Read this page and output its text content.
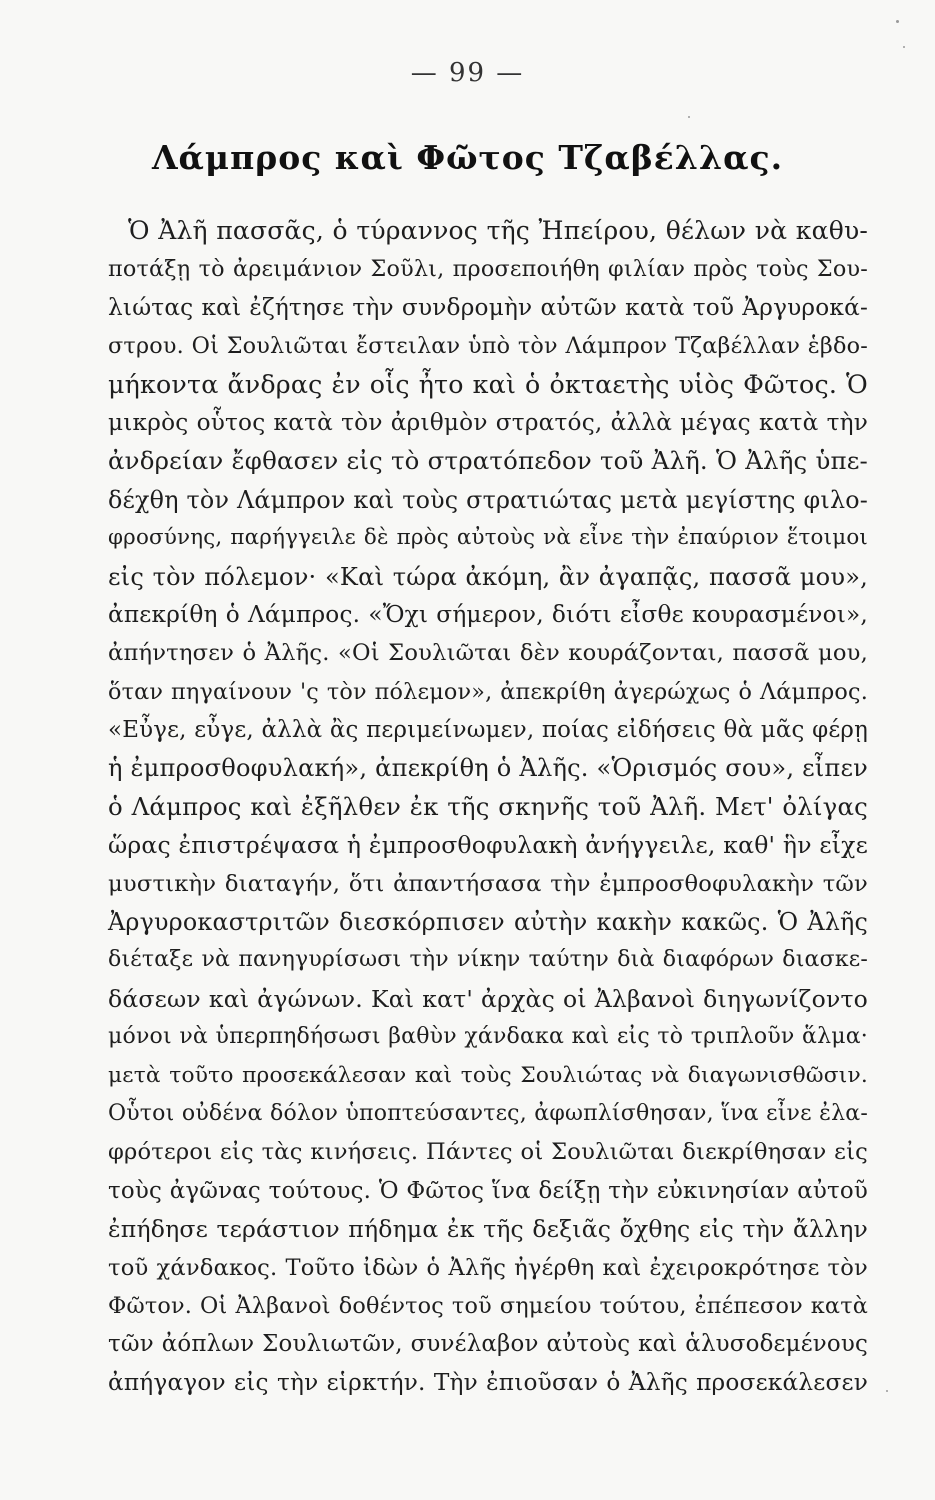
— 99 —
Λάμπρος καὶ Φῶτος Τζαβέλλας.
Ὁ Ἀλῆ πασσᾶς, ὁ τύραννος τῆς Ἠπείρου, θέλων νὰ καθυ-
ποτάξῃ τὸ ἀρειμάνιον Σοῦλι, προσεποιήθη φιλίαν πρὸς τοὺς Σου-
λιώτας καὶ ἐζήτησε τὴν συνδρομὴν αὐτῶν κατὰ τοῦ Ἀργυροκά-
στρου. Οἱ Σουλιῶται ἔστειλαν ὑπὸ τὸν Λάμπρον Τζαβέλλαν ἑβδο-
μήκοντα ἄνδρας ἐν οἷς ἦτο καὶ ὁ ὀκταετὴς υἱὸς Φῶτος. Ὁ
μικρὸς οὗτος κατὰ τὸν ἀριθμὸν στρατός, ἀλλὰ μέγας κατὰ τὴν
ἀνδρείαν ἔφθασεν εἰς τὸ στρατόπεδον τοῦ Ἀλῆ. Ὁ Ἀλῆς ὑπε-
δέχθη τὸν Λάμπρον καὶ τοὺς στρατιώτας μετὰ μεγίστης φιλο-
φροσύνης, παρήγγειλε δὲ πρὸς αὐτοὺς νὰ εἶνε τὴν ἐπαύριον ἕτοιμοι
εἰς τὸν πόλεμον· «Καὶ τώρα ἀκόμη, ἂν ἀγαπᾷς, πασσᾶ μου»,
ἀπεκρίθη ὁ Λάμπρος. «Ὄχι σήμερον, διότι εἶσθε κουρασμένοι»,
ἀπήντησεν ὁ Ἀλῆς. «Οἱ Σουλιῶται δὲν κουράζονται, πασσᾶ μου,
ὅταν πηγαίνουν 'ς τὸν πόλεμον», ἀπεκρίθη ἀγερώχως ὁ Λάμπρος.
«Εὖγε, εὖγε, ἀλλὰ ἂς περιμείνωμεν, ποίας εἰδήσεις θὰ μᾶς φέρῃ
ἡ ἐμπροσθοφυλακή», ἀπεκρίθη ὁ Ἀλῆς. «Ὁρισμός σου», εἶπεν
ὁ Λάμπρος καὶ ἐξῆλθεν ἐκ τῆς σκηνῆς τοῦ Ἀλῆ. Μετ' ὀλίγας
ὥρας ἐπιστρέψασα ἡ ἐμπροσθοφυλακὴ ἀνήγγειλε, καθ' ἣν εἶχε
μυστικὴν διαταγήν, ὅτι ἀπαντήσασα τὴν ἐμπροσθοφυλακὴν τῶν
Ἀργυροκαστριτῶν διεσκόρπισεν αὐτὴν κακὴν κακῶς. Ὁ Ἀλῆς
διέταξε νὰ πανηγυρίσωσι τὴν νίκην ταύτην διὰ διαφόρων διασκε-
δάσεων καὶ ἀγώνων. Καὶ κατ' ἀρχὰς οἱ Ἀλβανοὶ διηγωνίζοντο
μόνοι νὰ ὑπερπηδήσωσι βαθὺν χάνδακα καὶ εἰς τὸ τριπλοῦν ἅλμα·
μετὰ τοῦτο προσεκάλεσαν καὶ τοὺς Σουλιώτας νὰ διαγωνισθῶσιν.
Οὗτοι οὐδένα δόλον ὑποπτεύσαντες, ἀφωπλίσθησαν, ἵνα εἶνε ἐλα-
φρότεροι εἰς τὰς κινήσεις. Πάντες οἱ Σουλιῶται διεκρίθησαν εἰς
τοὺς ἀγῶνας τούτους. Ὁ Φῶτος ἵνα δείξῃ τὴν εὐκινησίαν αὐτοῦ
ἐπήδησε τεράστιον πήδημα ἐκ τῆς δεξιᾶς ὄχθης εἰς τὴν ἄλλην
τοῦ χάνδακος. Τοῦτο ἰδὼν ὁ Ἀλῆς ἠγέρθη καὶ ἐχειροκρότησε τὸν
Φῶτον. Οἱ Ἀλβανοὶ δοθέντος τοῦ σημείου τούτου, ἐπέπεσον κατὰ
τῶν ἀόπλων Σουλιωτῶν, συνέλαβον αὐτοὺς καὶ ἁλυσοδεμένους
ἀπήγαγον εἰς τὴν εἱρκτήν. Τὴν ἐπιοῦσαν ὁ Ἀλῆς προσεκάλεσεν
